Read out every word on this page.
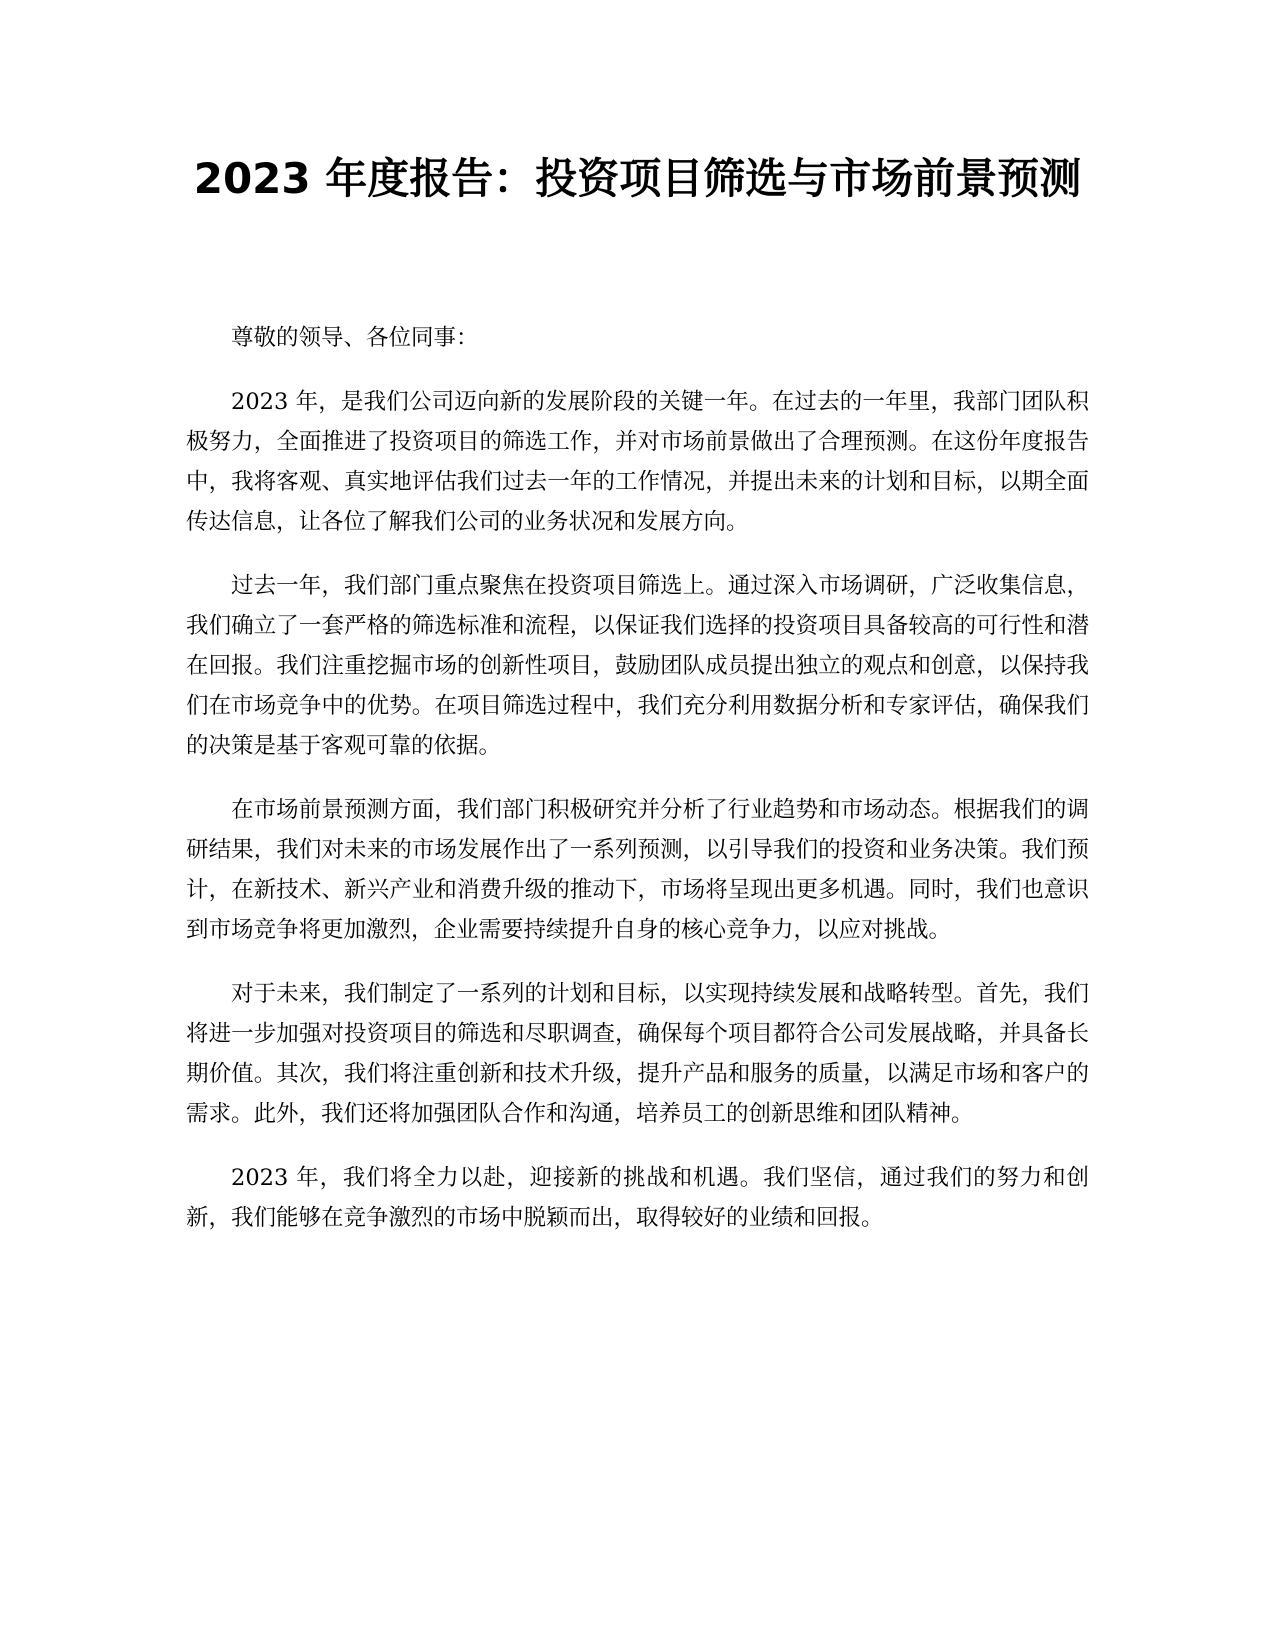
2023 年度报告：投资项目筛选与市场前景预测

尊敬的领导、各位同事：

2023 年，是我们公司迈向新的发展阶段的关键一年。在过去的一年里，我部门团队积极努力，全面推进了投资项目的筛选工作，并对市场前景做出了合理预测。在这份年度报告中，我将客观、真实地评估我们过去一年的工作情况，并提出未来的计划和目标，以期全面传达信息，让各位了解我们公司的业务状况和发展方向。

过去一年，我们部门重点聚焦在投资项目筛选上。通过深入市场调研，广泛收集信息，我们确立了一套严格的筛选标准和流程，以保证我们选择的投资项目具备较高的可行性和潜在回报。我们注重挖掘市场的创新性项目，鼓励团队成员提出独立的观点和创意，以保持我们在市场竞争中的优势。在项目筛选过程中，我们充分利用数据分析和专家评估，确保我们的决策是基于客观可靠的依据。

在市场前景预测方面，我们部门积极研究并分析了行业趋势和市场动态。根据我们的调研结果，我们对未来的市场发展作出了一系列预测，以引导我们的投资和业务决策。我们预计，在新技术、新兴产业和消费升级的推动下，市场将呈现出更多机遇。同时，我们也意识到市场竞争将更加激烈，企业需要持续提升自身的核心竞争力，以应对挑战。

对于未来，我们制定了一系列的计划和目标，以实现持续发展和战略转型。首先，我们将进一步加强对投资项目的筛选和尽职调查，确保每个项目都符合公司发展战略，并具备长期价值。其次，我们将注重创新和技术升级，提升产品和服务的质量，以满足市场和客户的需求。此外，我们还将加强团队合作和沟通，培养员工的创新思维和团队精神。

2023 年，我们将全力以赴，迎接新的挑战和机遇。我们坚信，通过我们的努力和创新，我们能够在竞争激烈的市场中脱颖而出，取得较好的业绩和回报。
